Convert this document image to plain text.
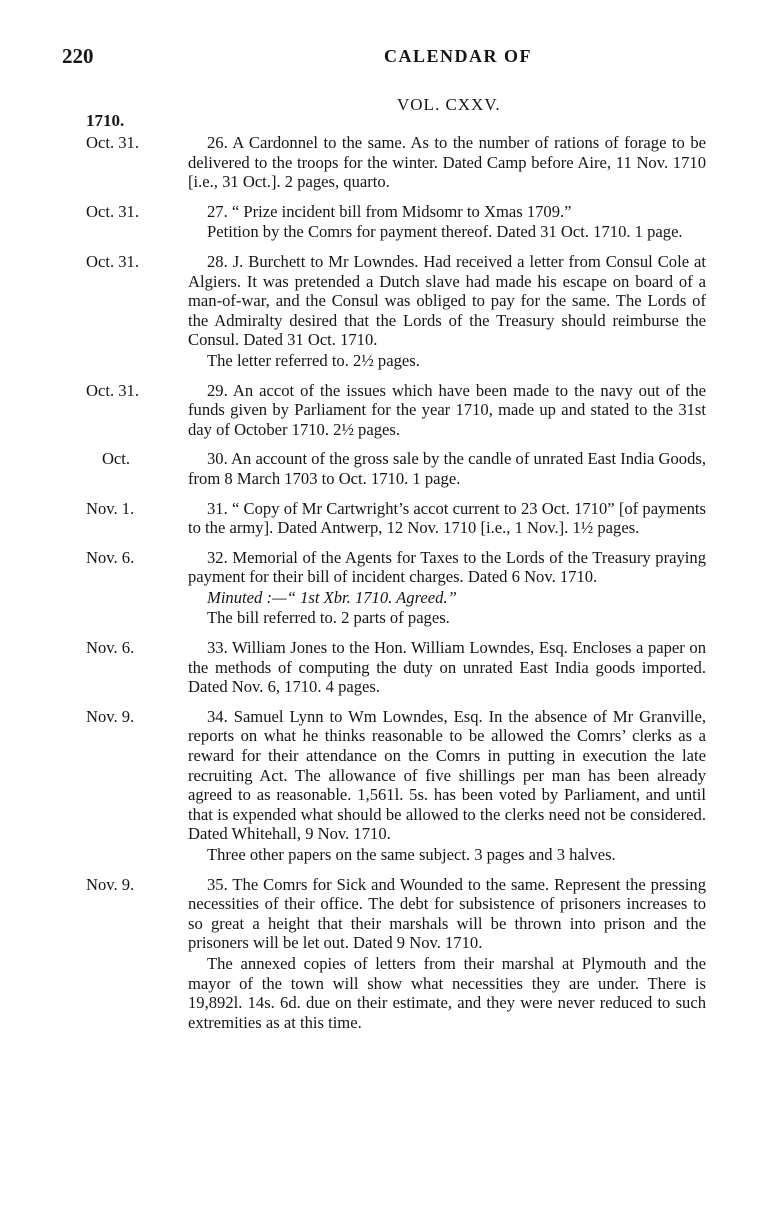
220	CALENDAR OF
VOL. CXXV.
1710.
Oct. 31.	26. A Cardonnel to the same. As to the number of rations of forage to be delivered to the troops for the winter. Dated Camp before Aire, 11 Nov. 1710 [i.e., 31 Oct.]. 2 pages, quarto.

Oct. 31.	27. “ Prize incident bill from Midsomr to Xmas 1709.”

Petition by the Comrs for payment thereof. Dated 31 Oct. 1710. 1 page.

Oct. 31.	28. J. Burchett to Mr Lowndes. Had received a letter from Consul Cole at Algiers. It was pretended a Dutch slave had made his escape on board of a man-of-war, and the Consul was obliged to pay for the same. The Lords of the Admiralty desired that the Lords of the Treasury should reimburse the Consul. Dated 31 Oct. 1710.

The letter referred to. 2½ pages.

Oct. 31.	29. An accot of the issues which have been made to the navy out of the funds given by Parliament for the year 1710, made up and stated to the 31st day of October 1710. 2½ pages.

Oct.	30. An account of the gross sale by the candle of unrated East India Goods, from 8 March 1703 to Oct. 1710. 1 page.

Nov. 1.	31. “ Copy of Mr Cartwright’s accot current to 23 Oct. 1710” [of payments to the army]. Dated Antwerp, 12 Nov. 1710 [i.e., 1 Nov.]. 1½ pages.

Nov. 6.	32. Memorial of the Agents for Taxes to the Lords of the Treasury praying payment for their bill of incident charges. Dated 6 Nov. 1710.

Minuted :—“ 1st Xbr. 1710. Agreed.”

The bill referred to. 2 parts of pages.

Nov. 6.	33. William Jones to the Hon. William Lowndes, Esq. Encloses a paper on the methods of computing the duty on unrated East India goods imported. Dated Nov. 6, 1710. 4 pages.

Nov. 9.	34. Samuel Lynn to Wm Lowndes, Esq. In the absence of Mr Granville, reports on what he thinks reasonable to be allowed the Comrs’ clerks as a reward for their attendance on the Comrs in putting in execution the late recruiting Act. The allowance of five shillings per man has been already agreed to as reasonable. 1,561l. 5s. has been voted by Parliament, and until that is expended what should be allowed to the clerks need not be considered. Dated Whitehall, 9 Nov. 1710.

Three other papers on the same subject. 3 pages and 3 halves.

Nov. 9.	35. The Comrs for Sick and Wounded to the same. Represent the pressing necessities of their office. The debt for subsistence of prisoners increases to so great a height that their marshals will be thrown into prison and the prisoners will be let out. Dated 9 Nov. 1710.

The annexed copies of letters from their marshal at Plymouth and the mayor of the town will show what necessities they are under. There is 19,892l. 14s. 6d. due on their estimate, and they were never reduced to such extremities as at this time.
